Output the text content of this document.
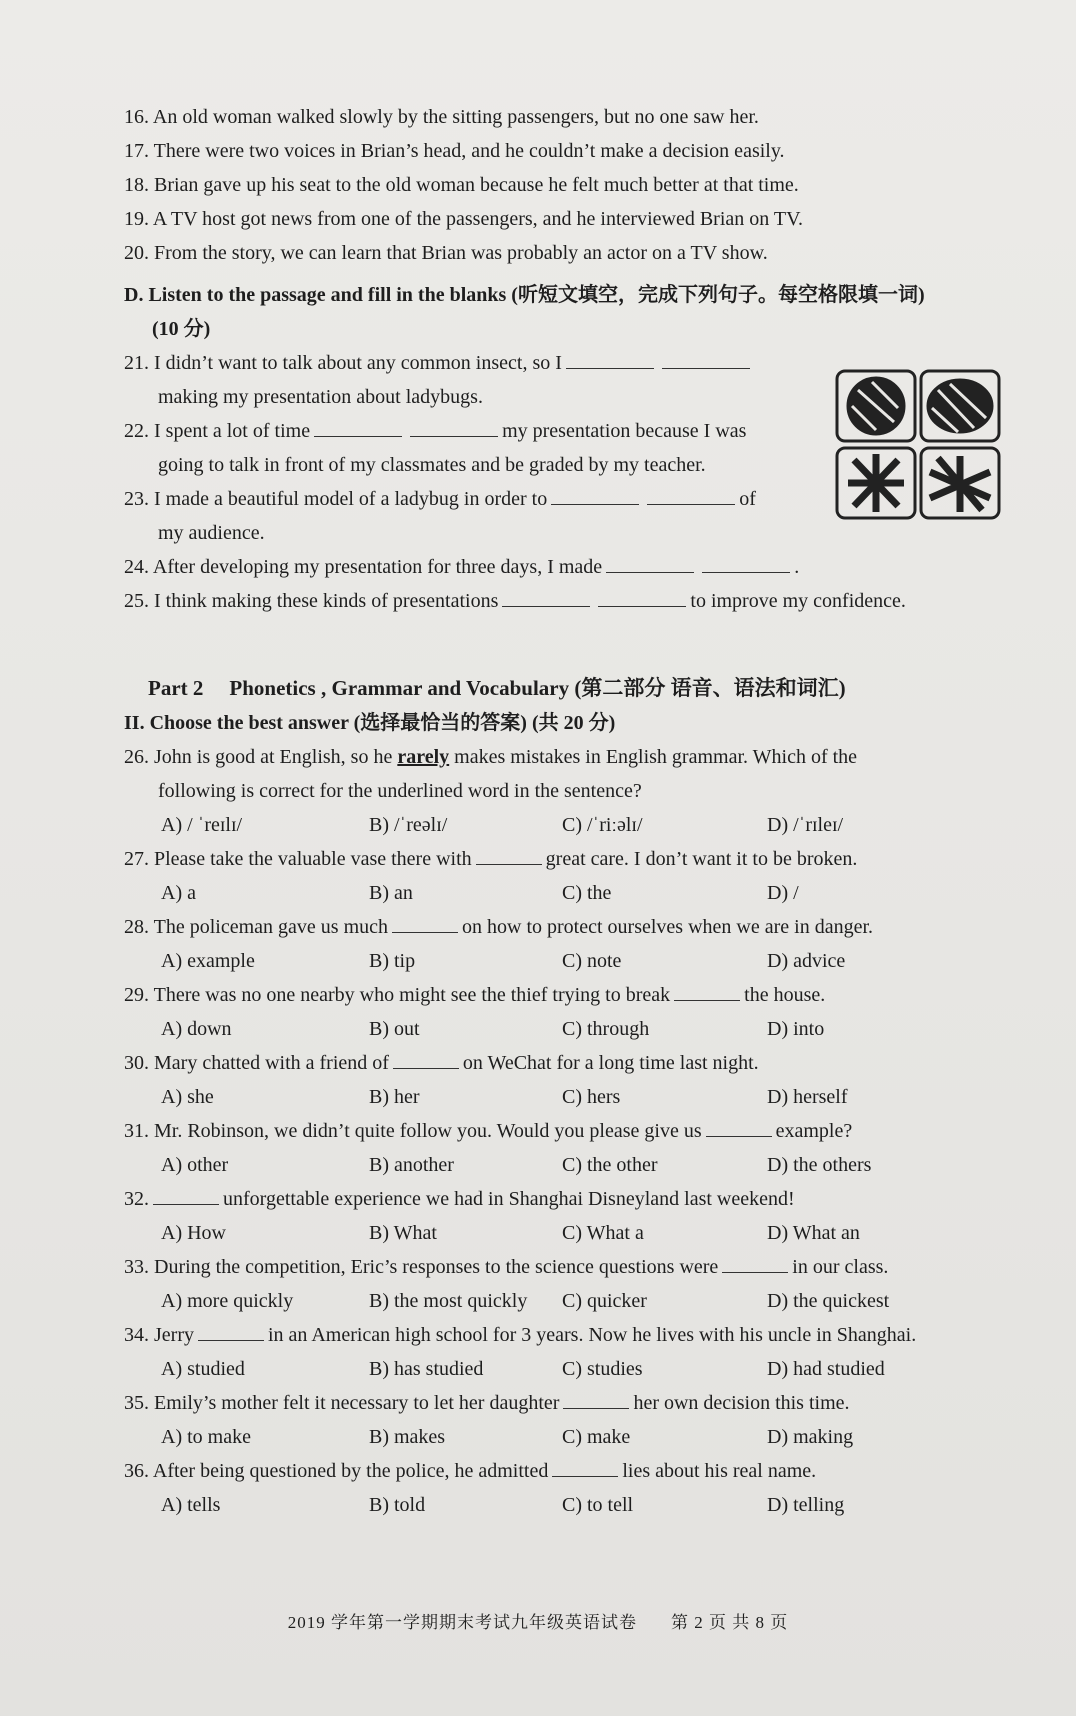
16. An old woman walked slowly by the sitting passengers, but no one saw her.
17. There were two voices in Brian’s head, and he couldn’t make a decision easily.
18. Brian gave up his seat to the old woman because he felt much better at that time.
19. A TV host got news from one of the passengers, and he interviewed Brian on TV.
20. From the story, we can learn that Brian was probably an actor on a TV show.
D. Listen to the passage and fill in the blanks (听短文填空，完成下列句子。每空格限填一词)
(10 分)
21. I didn’t want to talk about any common insect, so I
making my presentation about ladybugs.
22. I spent a lot of time	my presentation because I was
going to talk in front of my classmates and be graded by my teacher.
23. I made a beautiful model of a ladybug in order to	of
my audience.
24. After developing my presentation for three days, I made	.
25. I think making these kinds of presentations	to improve my confidence.
Part 2 Phonetics , Grammar and Vocabulary (第二部分 语音、语法和词汇)
II. Choose the best answer (选择最恰当的答案) (共 20 分)
26. John is good at English, so he rarely makes mistakes in English grammar. Which of the
following is correct for the underlined word in the sentence?
A) / ˈreɪlɪ/	B) /ˈreəlɪ/	C) /ˈriːəlɪ/	D) /ˈrɪleɪ/
27. Please take the valuable vase there with	great care. I don’t want it to be broken.
A) a	B) an	C) the	D) /
28. The policeman gave us much	on how to protect ourselves when we are in danger.
A) example	B) tip	C) note	D) advice
29. There was no one nearby who might see the thief trying to break	the house.
A) down	B) out	C) through	D) into
30. Mary chatted with a friend of	on WeChat for a long time last night.
A) she	B) her	C) hers	D) herself
31. Mr. Robinson, we didn’t quite follow you. Would you please give us	example?
A) other	B) another	C) the other	D) the others
32.	unforgettable experience we had in Shanghai Disneyland last weekend!
A) How	B) What	C) What a	D) What an
33. During the competition, Eric’s responses to the science questions were	in our class.
A) more quickly	B) the most quickly	C) quicker	D) the quickest
34. Jerry	in an American high school for 3 years. Now he lives with his uncle in Shanghai.
A) studied	B) has studied	C) studies	D) had studied
35. Emily’s mother felt it necessary to let her daughter	her own decision this time.
A) to make	B) makes	C) make	D) making
36. After being questioned by the police, he admitted	lies about his real name.
A) tells	B) told	C) to tell	D) telling
2019 学年第一学期期末考试九年级英语试卷 第 2 页 共 8 页
